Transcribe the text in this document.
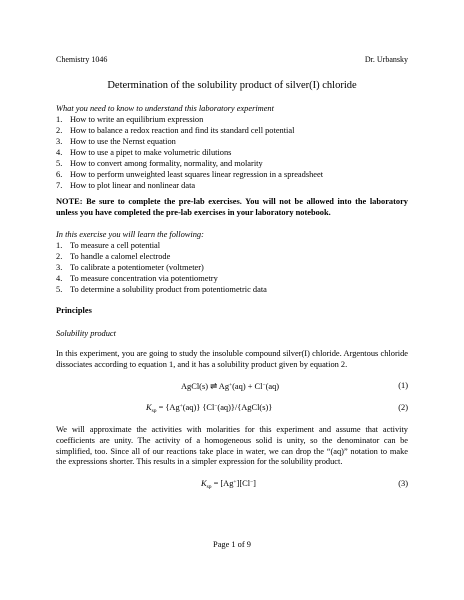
Chemistry 1046	Dr. Urbansky
Determination of the solubility product of silver(I) chloride
What you need to know to understand this laboratory experiment
1. How to write an equilibrium expression
2. How to balance a redox reaction and find its standard cell potential
3. How to use the Nernst equation
4. How to use a pipet to make volumetric dilutions
5. How to convert among formality, normality, and molarity
6. How to perform unweighted least squares linear regression in a spreadsheet
7. How to plot linear and nonlinear data
NOTE: Be sure to complete the pre-lab exercises. You will not be allowed into the laboratory unless you have completed the pre-lab exercises in your laboratory notebook.
In this exercise you will learn the following:
1. To measure a cell potential
2. To handle a calomel electrode
3. To calibrate a potentiometer (voltmeter)
4. To measure concentration via potentiometry
5. To determine a solubility product from potentiometric data
Principles
Solubility product
In this experiment, you are going to study the insoluble compound silver(I) chloride. Argentous chloride dissociates according to equation 1, and it has a solubility product given by equation 2.
AgCl(s) ⇌ Ag+(aq) + Cl−(aq)	(1)
$K_{sp} = \{Ag^+(aq)\}$ {Cl−(aq)}/{AgCl(s)}	(2)
We will approximate the activities with molarities for this experiment and assume that activity coefficients are unity. The activity of a homogeneous solid is unity, so the denominator can be simplified, too. Since all of our reactions take place in water, we can drop the “(aq)” notation to make the expressions shorter. This results in a simpler expression for the solubility product.
$K_{sp} = [Ag^+][Cl^-]$	(3)
Page 1 of 9
